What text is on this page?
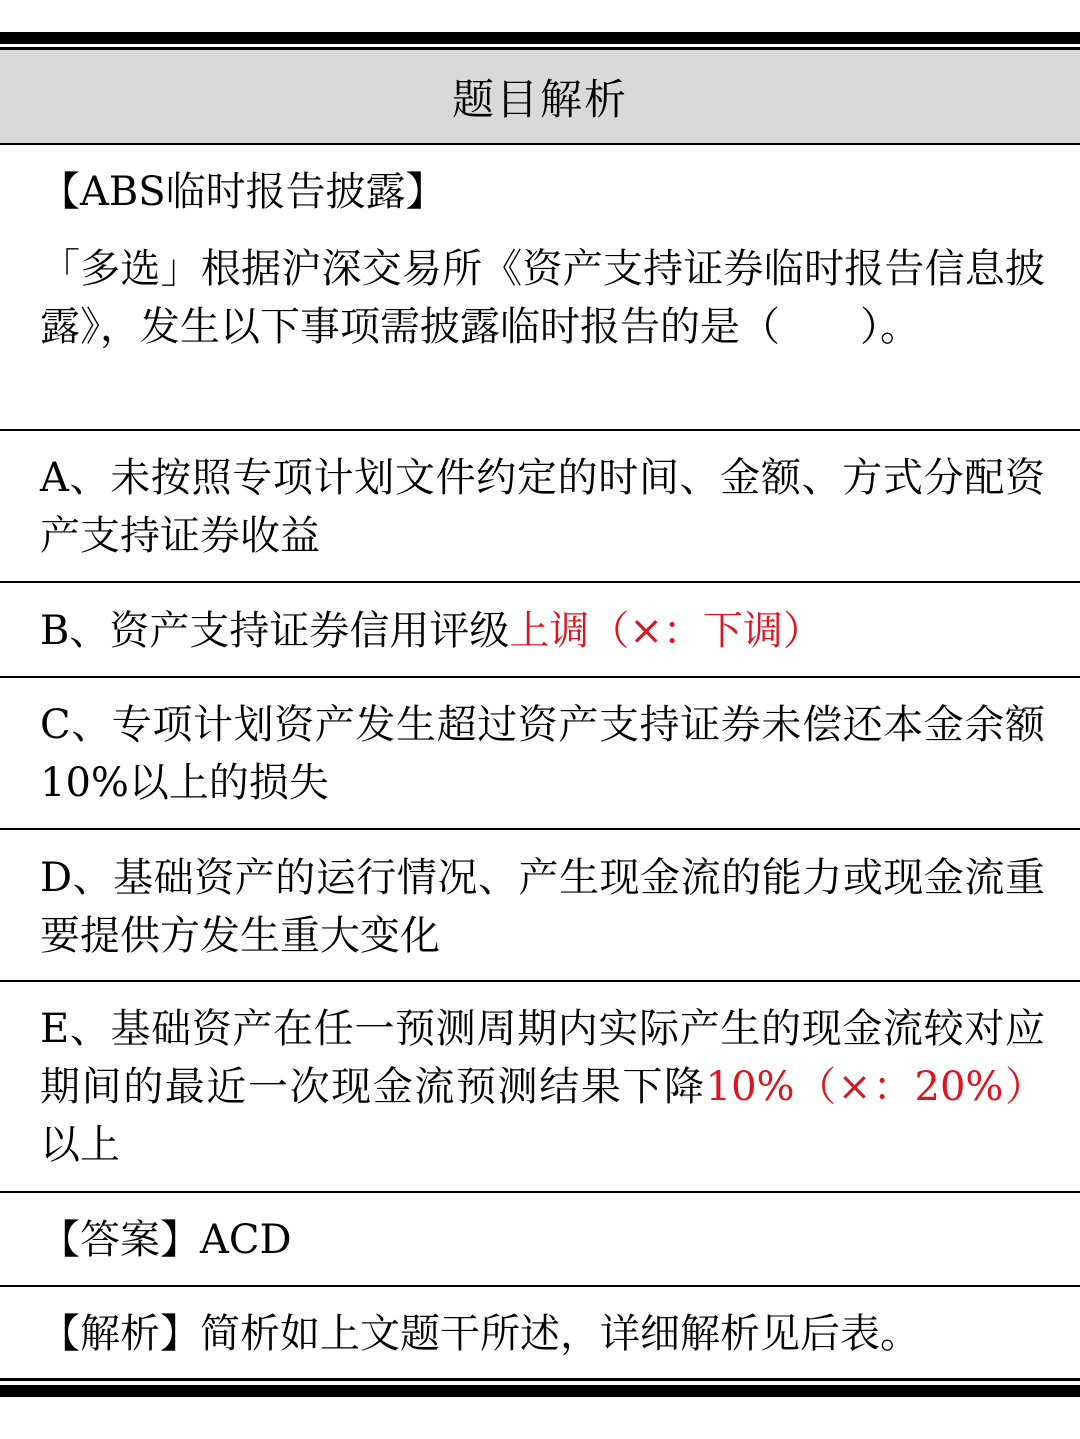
题目解析
【ABS临时报告披露】
「多选」根据沪深交易所《资产支持证券临时报告信息披露》，发生以下事项需披露临时报告的是（　　）。
A、未按照专项计划文件约定的时间、金额、方式分配资产支持证券收益
B、资产支持证券信用评级上调（×：下调）
C、专项计划资产发生超过资产支持证券未偿还本金余额10%以上的损失
D、基础资产的运行情况、产生现金流的能力或现金流重要提供方发生重大变化
E、基础资产在任一预测周期内实际产生的现金流较对应期间的最近一次现金流预测结果下降10%（×：20%）以上
【答案】ACD
【解析】简析如上文题干所述，详细解析见后表。
